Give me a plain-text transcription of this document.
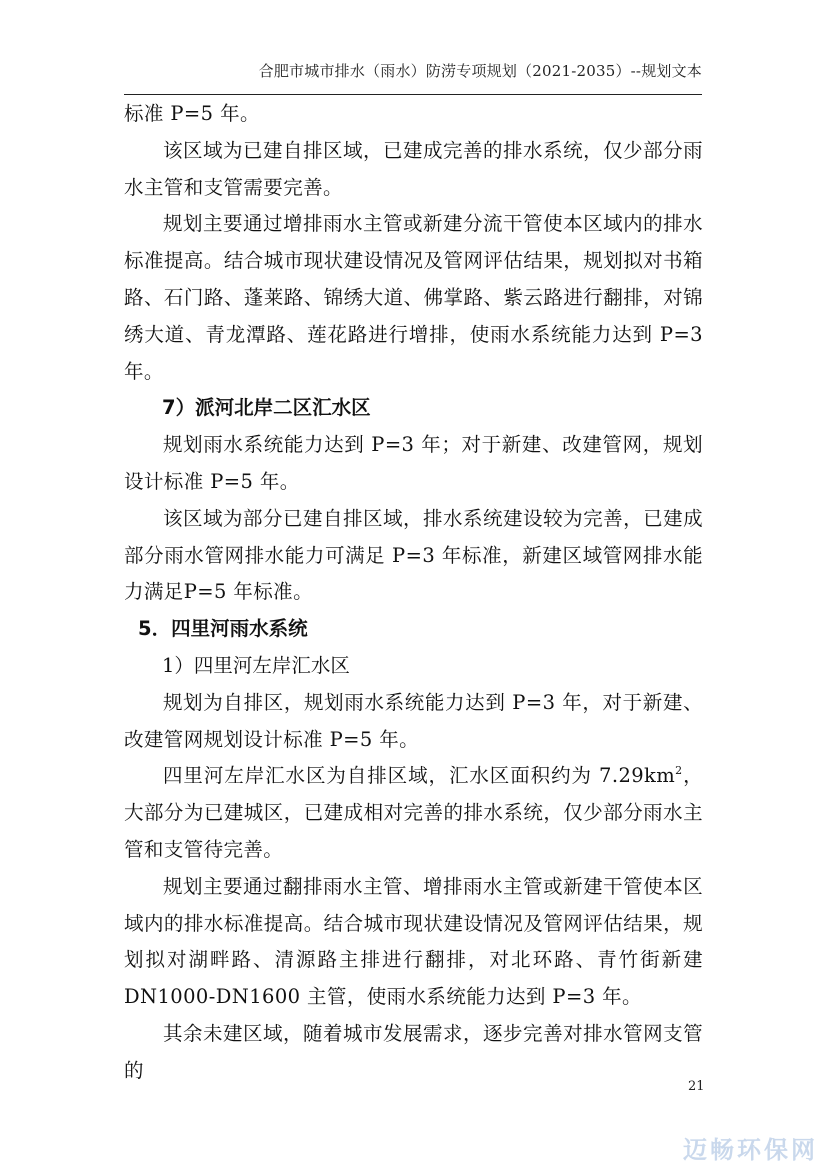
合肥市城市排水（雨水）防涝专项规划（2021-2035）--规划文本

标准 P=5 年。

该区域为已建自排区域，已建成完善的排水系统，仅少部分雨水主管和支管需要完善。

规划主要通过增排雨水主管或新建分流干管使本区域内的排水标准提高。结合城市现状建设情况及管网评估结果，规划拟对书箱路、石门路、蓬莱路、锦绣大道、佛掌路、紫云路进行翻排，对锦绣大道、青龙潭路、莲花路进行增排，使雨水系统能力达到 P=3 年。

7）派河北岸二区汇水区

规划雨水系统能力达到 P=3 年；对于新建、改建管网，规划设计标准 P=5 年。

该区域为部分已建自排区域，排水系统建设较为完善，已建成部分雨水管网排水能力可满足 P=3 年标准，新建区域管网排水能力满足P=5 年标准。

5．四里河雨水系统

1）四里河左岸汇水区

规划为自排区，规划雨水系统能力达到 P=3 年，对于新建、改建管网规划设计标准 P=5 年。

四里河左岸汇水区为自排区域，汇水区面积约为 $7.29km^2$，大部分为已建城区，已建成相对完善的排水系统，仅少部分雨水主管和支管待完善。

规划主要通过翻排雨水主管、增排雨水主管或新建干管使本区域内的排水标准提高。结合城市现状建设情况及管网评估结果，规划拟对湖畔路、清源路主排进行翻排，对北环路、青竹街新建DN1000-DN1600 主管，使雨水系统能力达到 P=3 年。

其余未建区域，随着城市发展需求，逐步完善对排水管网支管的

21
迈畅环保网
